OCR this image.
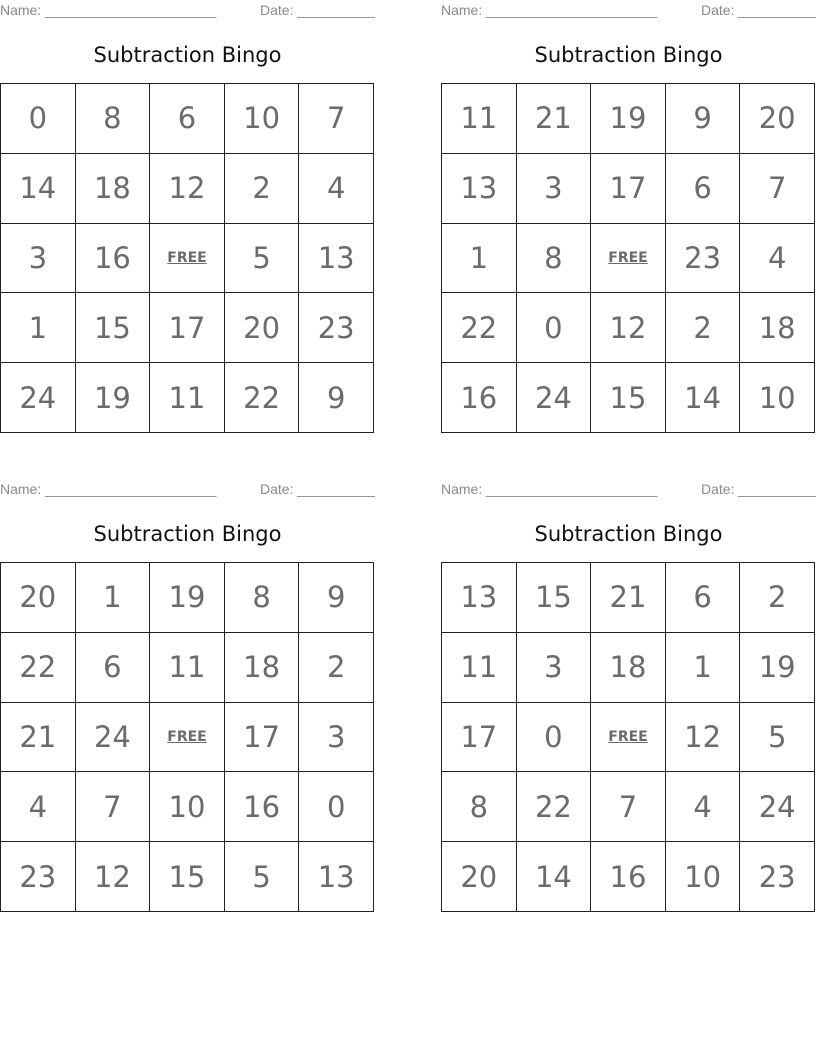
Name: ______________________	Date: __________
Subtraction Bingo
0 8 6 10 7
14 18 12 2 4
3 16	FREE 5 13
1 15 17 20 23
24 19 11 22 9
Name: ______________________	Date: __________
Subtraction Bingo
11 21 19 9 20
13 3 17 6 7
1 8	FREE 23 4
22 0 12 2 18
16 24 15 14 10
Name: ______________________	Date: __________
Subtraction Bingo
20 1 19 8 9
22 6 11 18 2
21 24	FREE 17 3
4 7 10 16 0
23 12 15 5 13
Name: ______________________	Date: __________
Subtraction Bingo
13 15 21 6 2
11 3 18 1 19
17 0	FREE 12 5
8 22 7 4 24
20 14 16 10 23
